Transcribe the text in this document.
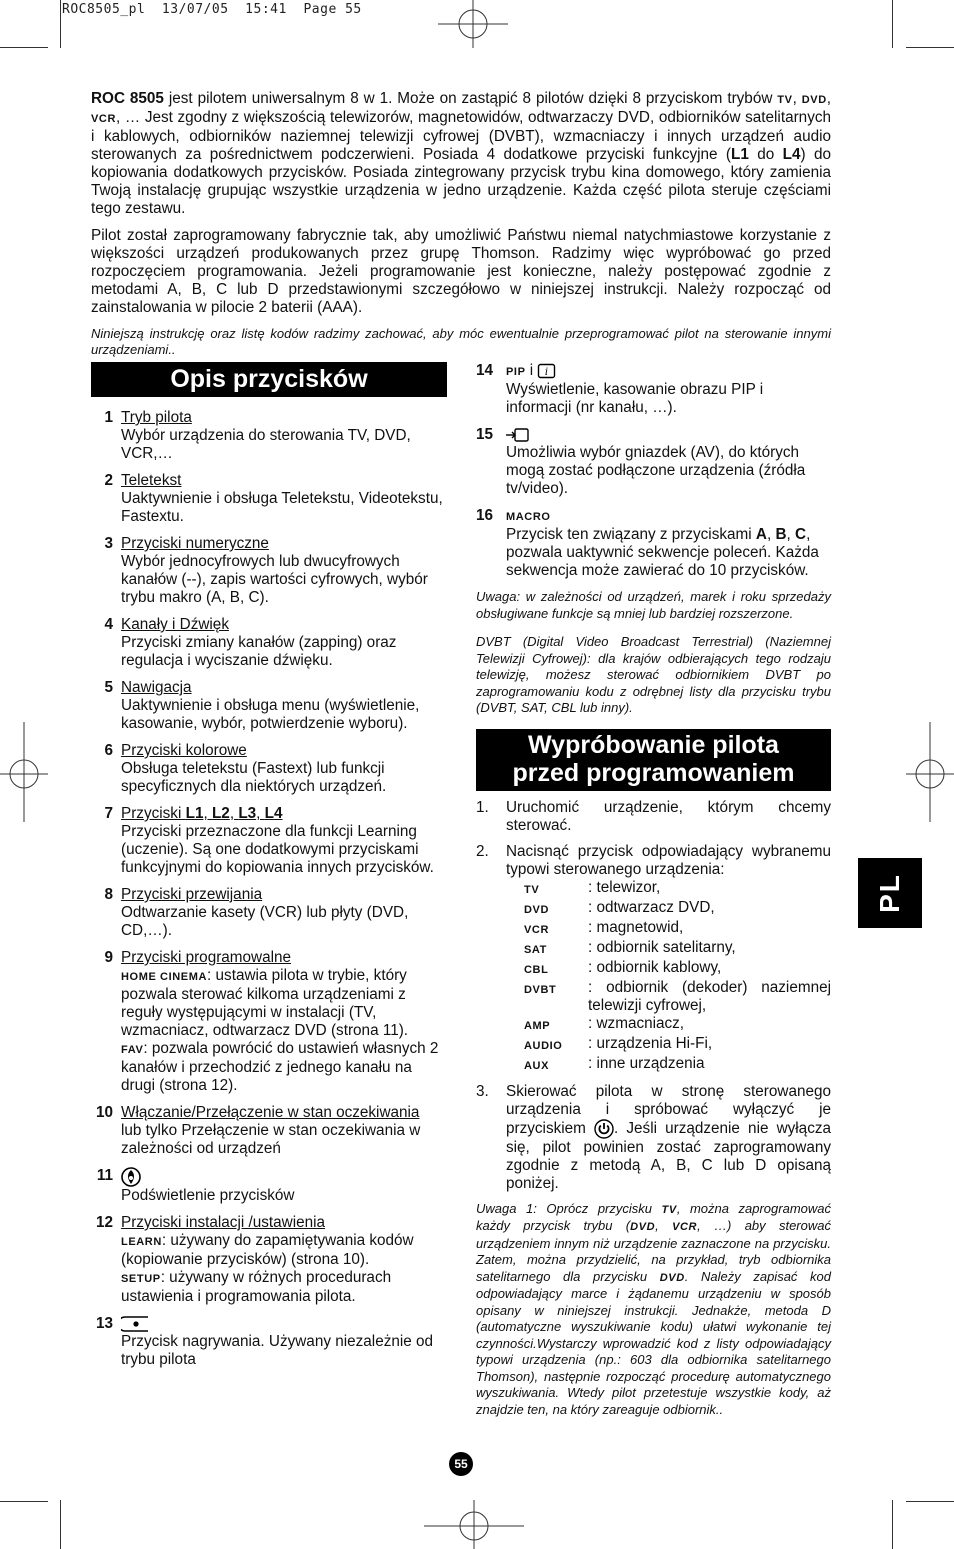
ROC8505_pl  13/07/05  15:41  Page 55

ROC 8505 jest pilotem uniwersalnym 8 w 1. Może on zastąpić 8 pilotów dzięki 8 przyciskom trybów TV, DVD, VCR, … Jest zgodny z większością telewizorów, magnetowidów, odtwarzaczy DVD, odbiorników satelitarnych i kablowych, odbiorników naziemnej telewizji cyfrowej (DVBT), wzmacniaczy i innych urządzeń audio sterowanych za pośrednictwem podczerwieni. Posiada 4 dodatkowe przyciski funkcyjne (L1 do L4) do kopiowania dodatkowych przycisków. Posiada zintegrowany przycisk trybu kina domowego, który zamienia Twoją instalację grupując wszystkie urządzenia w jedno urządzenie. Każda część pilota steruje częściami tego zestawu.

Pilot został zaprogramowany fabrycznie tak, aby umożliwić Państwu niemal natychmiastowe korzystanie z większości urządzeń produkowanych przez grupę Thomson. Radzimy więc wypróbować go przed rozpoczęciem programowania. Jeżeli programowanie jest konieczne, należy postępować zgodnie z metodami A, B, C lub D przedstawionymi szczegółowo w niniejszej instrukcji. Należy rozpocząć od zainstalowania w pilocie 2 baterii (AAA).

Niniejszą instrukcję oraz listę kodów radzimy zachować, aby móc ewentualnie przeprogramować pilot na sterowanie innymi urządzeniami..

Opis przycisków
1 Tryb pilota
Wybór urządzenia do sterowania TV, DVD, VCR,…
2 Teletekst
Uaktywnienie i obsługa Teletekstu, Videotekstu, Fastextu.
3 Przyciski numeryczne
Wybór jednocyfrowych lub dwucyfrowych kanałów (--), zapis wartości cyfrowych, wybór trybu makro (A, B, C).
4 Kanały i Dźwięk
Przyciski zmiany kanałów (zapping) oraz regulacja i wyciszanie dźwięku.
5 Nawigacja
Uaktywnienie i obsługa menu (wyświetlenie, kasowanie, wybór, potwierdzenie wyboru).
6 Przyciski kolorowe
Obsługa teletekstu (Fastext) lub funkcji specyficznych dla niektórych urządzeń.
7 Przyciski L1, L2, L3, L4
Przyciski przeznaczone dla funkcji Learning (uczenie). Są one dodatkowymi przyciskami funkcyjnymi do kopiowania innych przycisków.
8 Przyciski przewijania
Odtwarzanie kasety (VCR) lub płyty (DVD, CD,…).
9 Przyciski programowalne
HOME CINEMA: ustawia pilota w trybie, który pozwala sterować kilkoma urządzeniami z reguły występującymi w instalacji (TV, wzmacniacz, odtwarzacz DVD (strona 11).
FAV: pozwala powrócić do ustawień własnych 2 kanałów i przechodzić z jednego kanału na drugi (strona 12).
10 Włączanie/Przełączenie w stan oczekiwania
lub tylko Przełączenie w stan oczekiwania w zależności od urządzeń
11
Podświetlenie przycisków
12 Przyciski instalacji /ustawienia
LEARN: używany do zapamiętywania kodów (kopiowanie przycisków) (strona 10).
SETUP: używany w różnych procedurach ustawienia i programowania pilota.
13
Przycisk nagrywania. Używany niezależnie od trybu pilota
14 PIP i i
Wyświetlenie, kasowanie obrazu PIP i informacji (nr kanału, …).
15
Umożliwia wybór gniazdek (AV), do których mogą zostać podłączone urządzenia (źródła tv/video).
16 MACRO
Przycisk ten związany z przyciskami A, B, C, pozwala uaktywnić sekwencje poleceń. Każda sekwencja może zawierać do 10 przycisków.

Uwaga: w zależności od urządzeń, marek i roku sprzedaży obsługiwane funkcje są mniej lub bardziej rozszerzone.

DVBT (Digital Video Broadcast Terrestrial) (Naziemnej Telewizji Cyfrowej): dla krajów odbierających tego rodzaju telewizję, możesz sterować odbiornikiem DVBT po zaprogramowaniu kodu z odrębnej listy dla przycisku trybu (DVBT, SAT, CBL lub inny).

Wypróbowanie pilota
przed programowaniem
1. Uruchomić urządzenie, którym chcemy sterować.
2. Nacisnąć przycisk odpowiadający wybranemu typowi sterowanego urządzenia:
TV	: telewizor,
DVD	: odtwarzacz DVD,
VCR	: magnetowid,
SAT	: odbiornik satelitarny,
CBL	: odbiornik kablowy,
DVBT	: odbiornik (dekoder) naziemnej telewizji cyfrowej,
AMP	: wzmacniacz,
AUDIO	: urządzenia Hi-Fi,
AUX	: inne urządzenia
3. Skierować pilota w stronę sterowanego urządzenia i spróbować wyłączyć je przyciskiem . Jeśli urządzenie nie wyłącza się, pilot powinien zostać zaprogramowany zgodnie z metodą A, B, C lub D opisaną poniżej.

Uwaga 1: Oprócz przycisku TV, można zaprogramować każdy przycisk trybu (DVD, VCR, …) aby sterować urządzeniem innym niż urządzenie zaznaczone na przycisku. Zatem, można przydzielić, na przykład, tryb odbiornika satelitarnego dla przycisku DVD. Należy zapisać kod odpowiadający marce i żądanemu urządzeniu w sposób opisany w niniejszej instrukcji. Jednakże, metoda D (automatyczne wyszukiwanie kodu) ułatwi wykonanie tej czynności.Wystarczy wprowadzić kod z listy odpowiadający typowi urządzenia (np.: 603 dla odbiornika satelitarnego Thomson), następnie rozpocząć procedurę automatycznego wyszukiwania. Wtedy pilot przetestuje wszystkie kody, aż znajdzie ten, na który zareaguje odbiornik..

PL
55
